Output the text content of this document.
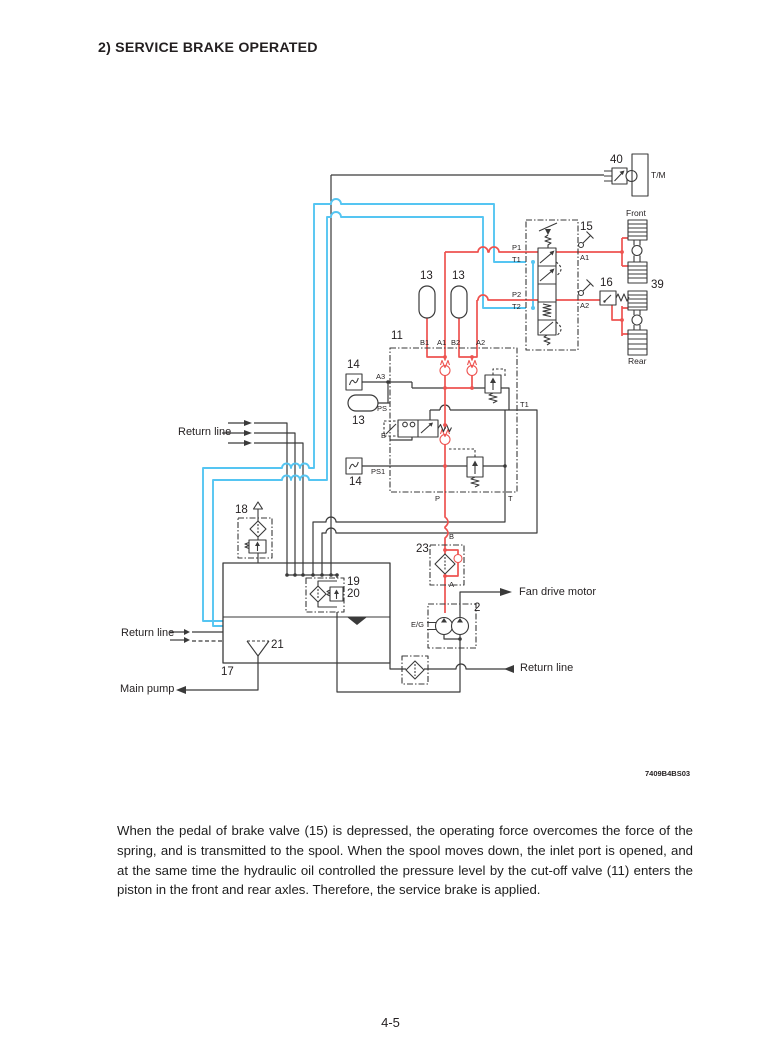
2) SERVICE BRAKE OPERATED
40
T/M
Front
15
A1
16	39
A2
Rear
P1
T1
P2
T2
13 13
11
B1 A1 B2 A2
14
A3
PS
13
B
PS1
14
T1
P	T
Return line
18
19
20
Return line
21
17
Main pump
23
B
A
2
E/G
Fan drive motor
Return line
7409B4BS03
When the pedal of brake valve (15) is depressed, the operating force overcomes the force of the spring, and is transmitted to the spool. When the spool moves down, the inlet port is opened, and at the same time the hydraulic oil controlled the pressure level by the cut-off valve (11) enters the piston in the front and rear axles. Therefore, the service brake is applied.
4-5
